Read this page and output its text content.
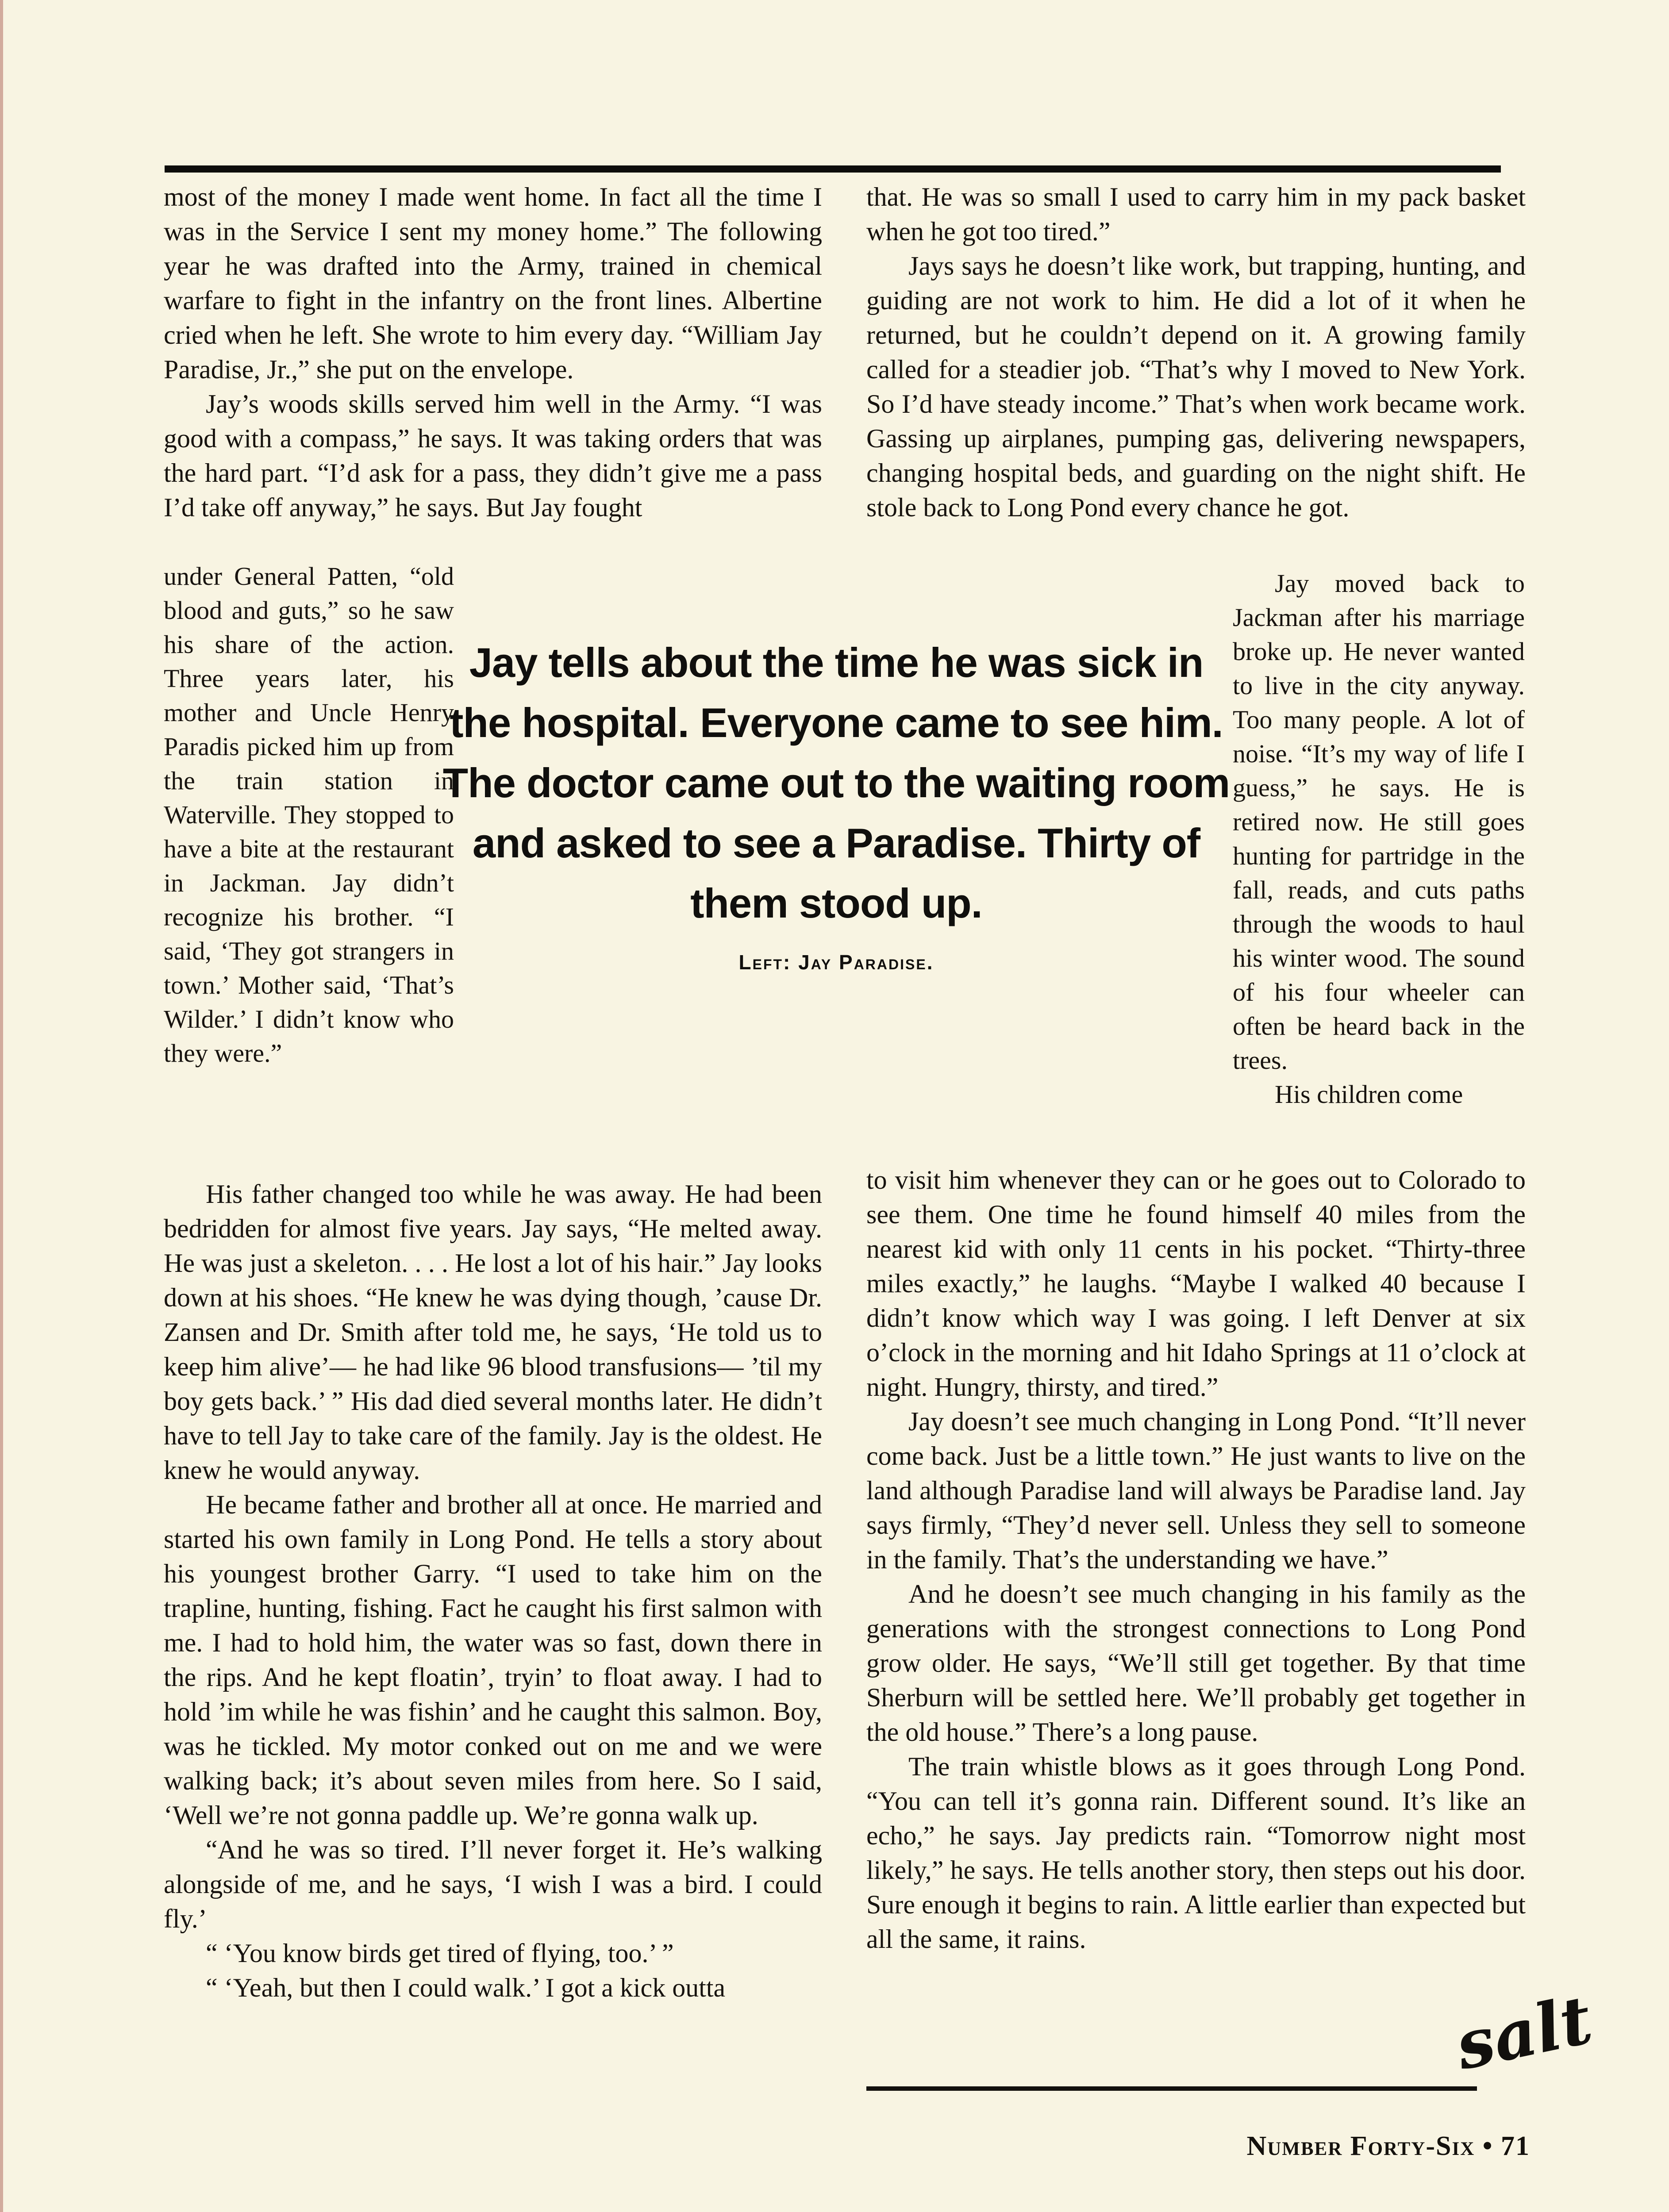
most of the money I made went home. In fact all the time I was in the Service I sent my money home.” The following year he was drafted into the Army, trained in chemical warfare to fight in the infantry on the front lines. Albertine cried when he left. She wrote to him every day. “William Jay Paradise, Jr.,” she put on the envelope.

Jay’s woods skills served him well in the Army. “I was good with a compass,” he says. It was taking orders that was the hard part. “I’d ask for a pass, they didn’t give me a pass I’d take off anyway,” he says. But Jay fought

under General Patten, “old blood and guts,” so he saw his share of the action. Three years later, his mother and Uncle Henry Paradis picked him up from the train station in Waterville. They stopped to have a bite at the restaurant in Jackman. Jay didn’t recognize his brother. “I said, ‘They got strangers in town.’ Mother said, ‘That’s Wilder.’ I didn’t know who they were.”

His father changed too while he was away. He had been bedridden for almost five years. Jay says, “He melted away. He was just a skeleton. . . . He lost a lot of his hair.” Jay looks down at his shoes. “He knew he was dying though, ’cause Dr. Zansen and Dr. Smith after told me, he says, ‘He told us to keep him alive’— he had like 96 blood transfusions— ’til my boy gets back.’ ” His dad died several months later. He didn’t have to tell Jay to take care of the family. Jay is the oldest. He knew he would anyway.

He became father and brother all at once. He married and started his own family in Long Pond. He tells a story about his youngest brother Garry. “I used to take him on the trapline, hunting, fishing. Fact he caught his first salmon with me. I had to hold him, the water was so fast, down there in the rips. And he kept floatin’, tryin’ to float away. I had to hold ’im while he was fishin’ and he caught this salmon. Boy, was he tickled. My motor conked out on me and we were walking back; it’s about seven miles from here. So I said, ‘Well we’re not gonna paddle up. We’re gonna walk up.

“And he was so tired. I’ll never forget it. He’s walking alongside of me, and he says, ‘I wish I was a bird. I could fly.’

“ ‘You know birds get tired of flying, too.’ ”

“ ‘Yeah, but then I could walk.’ I got a kick outta

that. He was so small I used to carry him in my pack basket when he got too tired.”

Jays says he doesn’t like work, but trapping, hunting, and guiding are not work to him. He did a lot of it when he returned, but he couldn’t depend on it. A growing family called for a steadier job. “That’s why I moved to New York. So I’d have steady income.” That’s when work became work. Gassing up airplanes, pumping gas, delivering newspapers, changing hospital beds, and guarding on the night shift. He stole back to Long Pond every chance he got.

Jay moved back to Jackman after his marriage broke up. He never wanted to live in the city anyway. Too many people. A lot of noise. “It’s my way of life I guess,” he says. He is retired now. He still goes hunting for partridge in the fall, reads, and cuts paths through the woods to haul his winter wood. The sound of his four wheeler can often be heard back in the trees.

His children come

to visit him whenever they can or he goes out to Colorado to see them. One time he found himself 40 miles from the nearest kid with only 11 cents in his pocket. “Thirty-three miles exactly,” he laughs. “Maybe I walked 40 because I didn’t know which way I was going. I left Denver at six o’clock in the morning and hit Idaho Springs at 11 o’clock at night. Hungry, thirsty, and tired.”

Jay doesn’t see much changing in Long Pond. “It’ll never come back. Just be a little town.” He just wants to live on the land although Paradise land will always be Paradise land. Jay says firmly, “They’d never sell. Unless they sell to someone in the family. That’s the understanding we have.”

And he doesn’t see much changing in his family as the generations with the strongest connections to Long Pond grow older. He says, “We’ll still get together. By that time Sherburn will be settled here. We’ll probably get together in the old house.” There’s a long pause.

The train whistle blows as it goes through Long Pond. “You can tell it’s gonna rain. Different sound. It’s like an echo,” he says. Jay predicts rain. “Tomorrow night most likely,” he says. He tells another story, then steps out his door. Sure enough it begins to rain. A little earlier than expected but all the same, it rains.

Jay tells about the time he was sick in the hospital. Everyone came to see him. The doctor came out to the waiting room and asked to see a Paradise. Thirty of them stood up.

Left: Jay Paradise.

salt
Number Forty-Six • 71
